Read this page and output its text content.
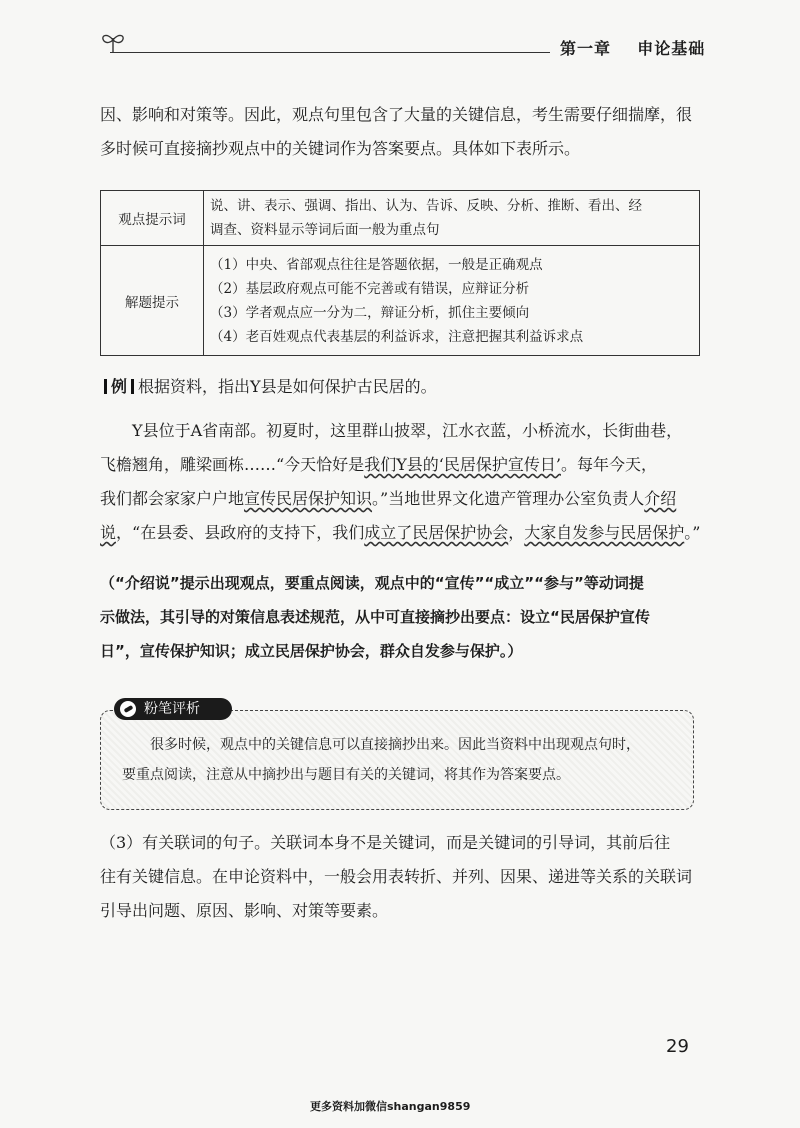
第一章 申论基础
因、影响和对策等。因此，观点句里包含了大量的关键信息，考生需要仔细揣摩，很
多时候可直接摘抄观点中的关键词作为答案要点。具体如下表所示。
观点提示词	说、讲、表示、强调、指出、认为、告诉、反映、分析、推断、看出、经
调查、资料显示等词后面一般为重点句

解题提示	（1）中央、省部观点往往是答题依据，一般是正确观点
（2）基层政府观点可能不完善或有错误，应辩证分析
（3）学者观点应一分为二，辩证分析，抓住主要倾向
（4）老百姓观点代表基层的利益诉求，注意把握其利益诉求点
例 根据资料，指出Y县是如何保护古民居的。
Y县位于A省南部。初夏时，这里群山披翠，江水衣蓝，小桥流水，长街曲巷，
飞檐翘角，雕梁画栋……“今天恰好是我们Y县的‘民居保护宣传日’。每年今天，
我们都会家家户户地宣传民居保护知识。”当地世界文化遗产管理办公室负责人介绍
说，“在县委、县政府的支持下，我们成立了民居保护协会，大家自发参与民居保护。”
（“介绍说”提示出现观点，要重点阅读，观点中的“宣传”“成立”“参与”等动词提
示做法，其引导的对策信息表述规范，从中可直接摘抄出要点：设立“民居保护宣传
日”，宣传保护知识；成立民居保护协会，群众自发参与保护。）
粉笔评析
很多时候，观点中的关键信息可以直接摘抄出来。因此当资料中出现观点句时，
要重点阅读，注意从中摘抄出与题目有关的关键词，将其作为答案要点。
（3）有关联词的句子。关联词本身不是关键词，而是关键词的引导词，其前后往
往有关键信息。在申论资料中，一般会用表转折、并列、因果、递进等关系的关联词
引导出问题、原因、影响、对策等要素。
29
更多资料加微信shangan9859
